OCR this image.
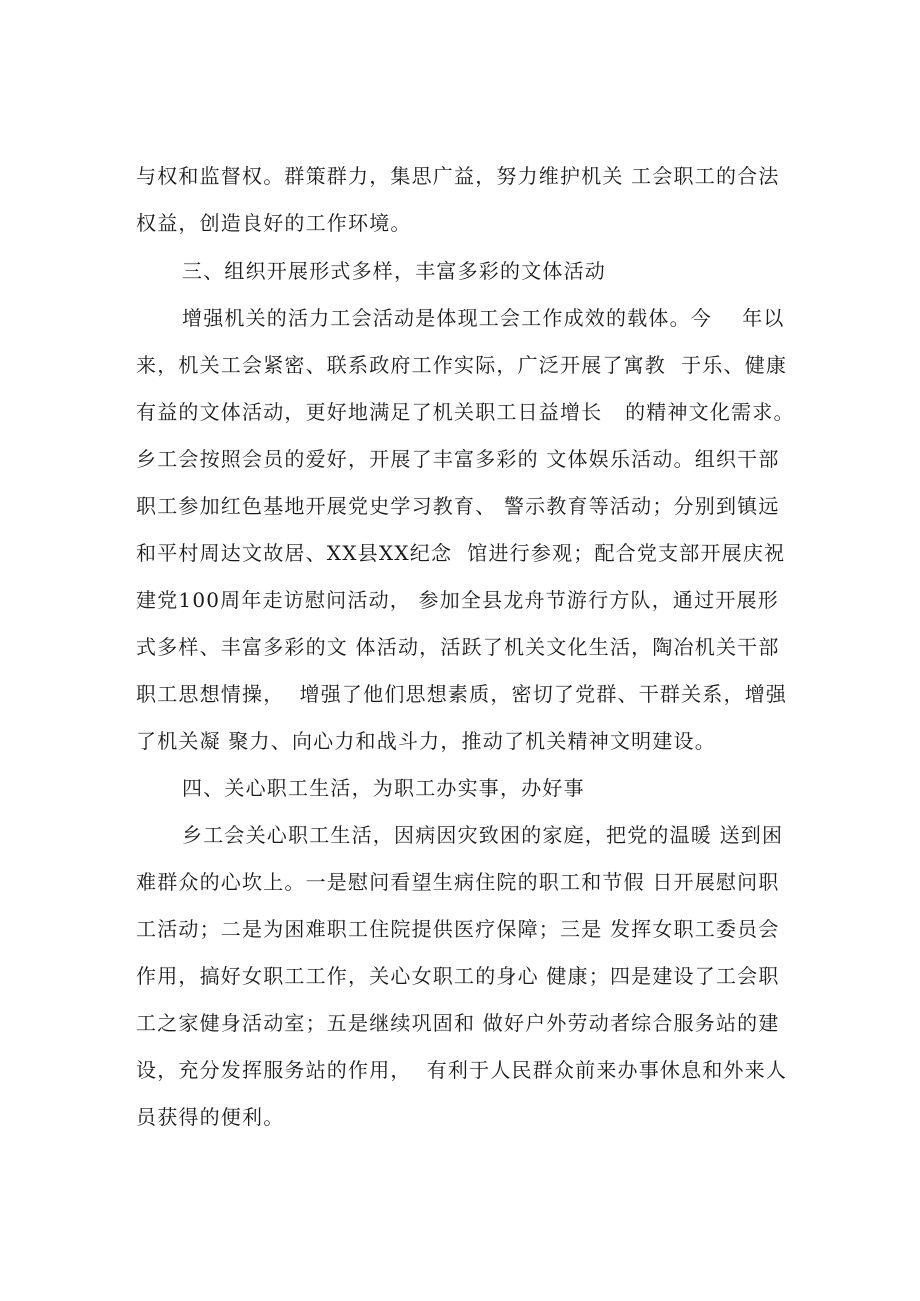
与权和监督权。群策群力，集思广益，努力维护机关 工会职工的合法
权益，创造良好的工作环境。
三、组织开展形式多样，丰富多彩的文体活动
增强机关的活力工会活动是体现工会工作成效的载体。今    年以
来，机关工会紧密、联系政府工作实际，广泛开展了寓教  于乐、健康
有益的文体活动，更好地满足了机关职工日益增长   的精神文化需求。
乡工会按照会员的爱好，开展了丰富多彩的 文体娱乐活动。组织干部
职工参加红色基地开展党史学习教育、 警示教育等活动；分别到镇远
和平村周达文故居、XX县XX纪念  馆进行参观；配合党支部开展庆祝
建党100周年走访慰问活动， 参加全县龙舟节游行方队，通过开展形
式多样、丰富多彩的文 体活动，活跃了机关文化生活，陶冶机关干部
职工思想情操，  增强了他们思想素质，密切了党群、干群关系，增强
了机关凝 聚力、向心力和战斗力，推动了机关精神文明建设。
四、关心职工生活，为职工办实事，办好事
乡工会关心职工生活，因病因灾致困的家庭，把党的温暖 送到困
难群众的心坎上。一是慰问看望生病住院的职工和节假 日开展慰问职
工活动；二是为困难职工住院提供医疗保障；三是 发挥女职工委员会
作用，搞好女职工工作，关心女职工的身心 健康；四是建设了工会职
工之家健身活动室；五是继续巩固和 做好户外劳动者综合服务站的建
设，充分发挥服务站的作用，  有利于人民群众前来办事休息和外来人
员获得的便利。
